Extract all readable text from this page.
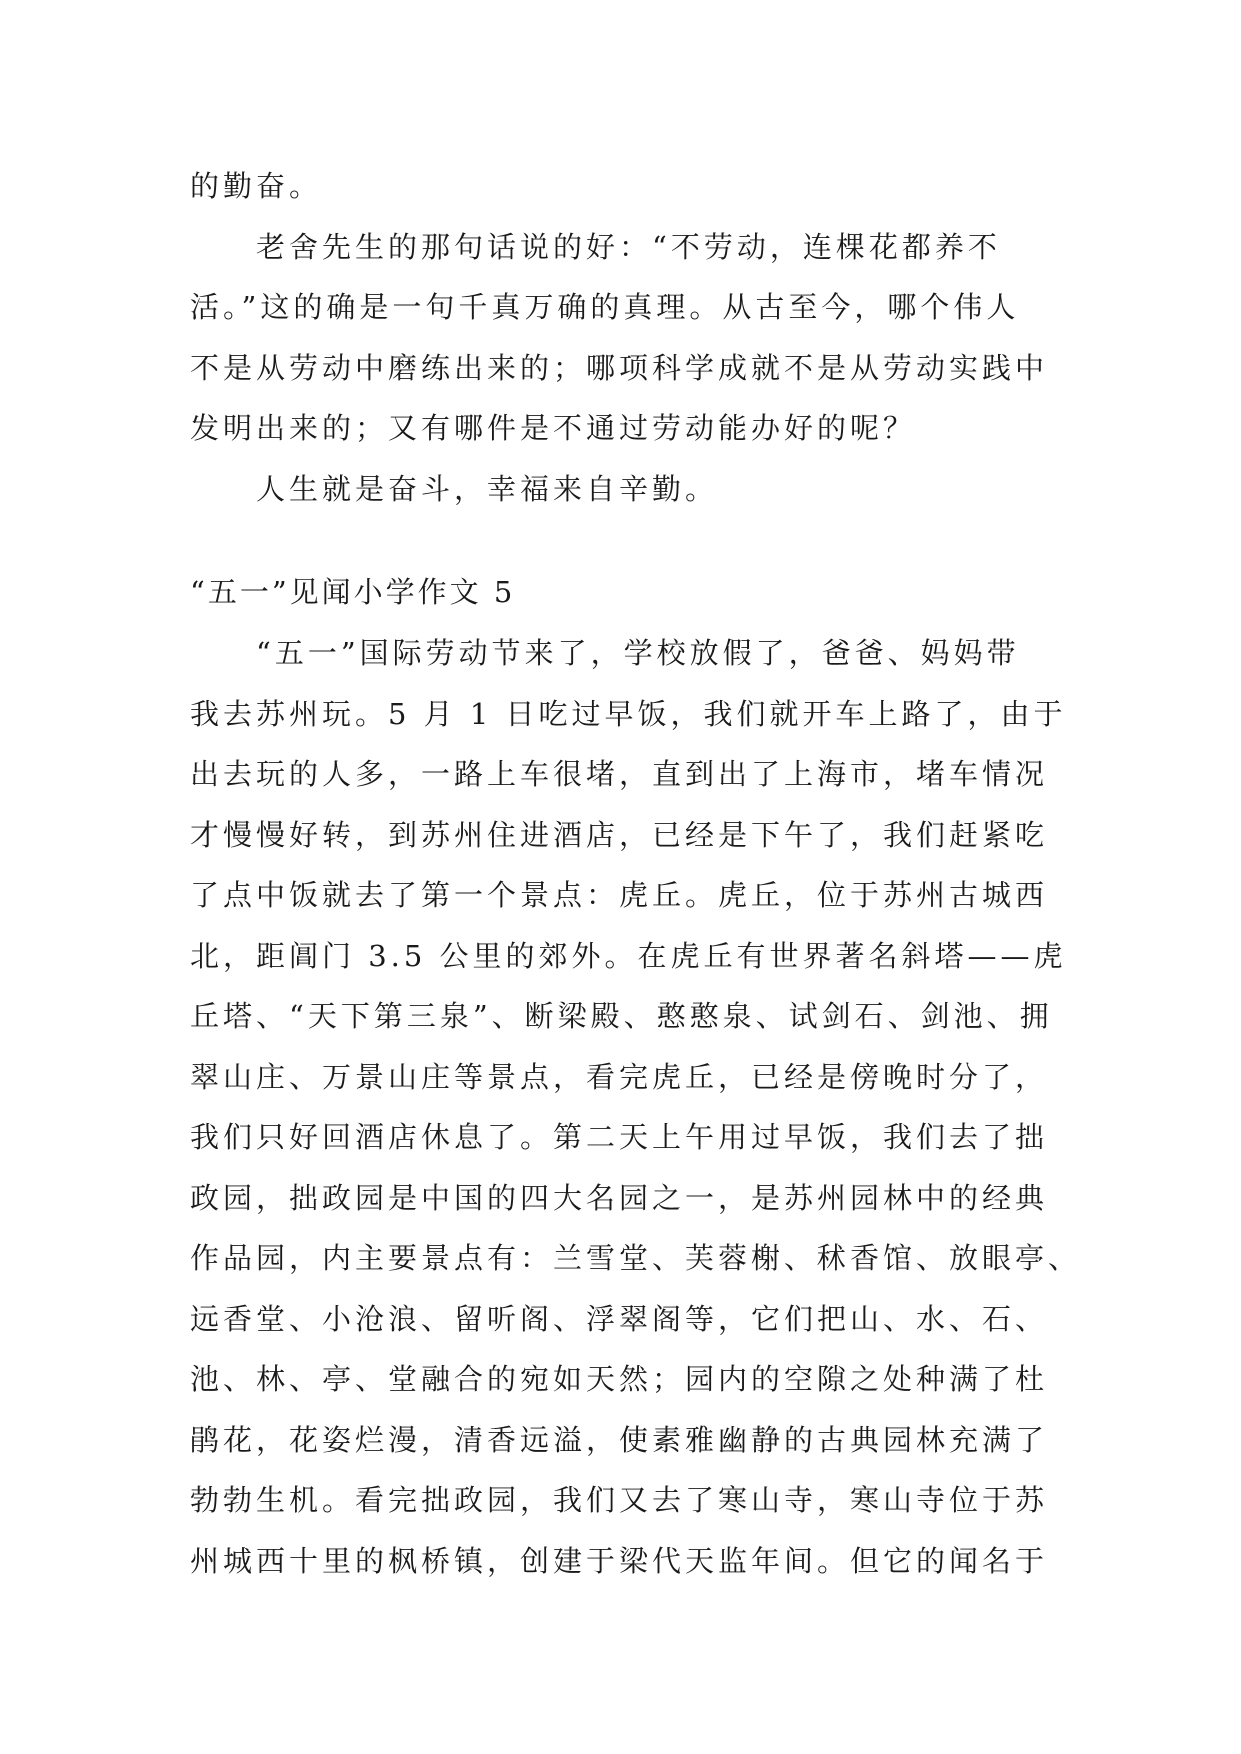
的勤奋。
老舍先生的那句话说的好：“不劳动，连棵花都养不
活。”这的确是一句千真万确的真理。从古至今，哪个伟人
不是从劳动中磨练出来的；哪项科学成就不是从劳动实践中
发明出来的；又有哪件是不通过劳动能办好的呢？
人生就是奋斗，幸福来自辛勤。
“五一”见闻小学作文 5
“五一”国际劳动节来了，学校放假了，爸爸、妈妈带
我去苏州玩。5 月 1 日吃过早饭，我们就开车上路了，由于
出去玩的人多，一路上车很堵，直到出了上海市，堵车情况
才慢慢好转，到苏州住进酒店，已经是下午了，我们赶紧吃
了点中饭就去了第一个景点：虎丘。虎丘，位于苏州古城西
北，距阊门 3.5 公里的郊外。在虎丘有世界著名斜塔——虎
丘塔、“天下第三泉”、断梁殿、憨憨泉、试剑石、剑池、拥
翠山庄、万景山庄等景点，看完虎丘，已经是傍晚时分了，
我们只好回酒店休息了。第二天上午用过早饭，我们去了拙
政园，拙政园是中国的四大名园之一，是苏州园林中的经典
作品园，内主要景点有：兰雪堂、芙蓉榭、秫香馆、放眼亭、
远香堂、小沧浪、留听阁、浮翠阁等，它们把山、水、石、
池、林、亭、堂融合的宛如天然；园内的空隙之处种满了杜
鹃花，花姿烂漫，清香远溢，使素雅幽静的古典园林充满了
勃勃生机。看完拙政园，我们又去了寒山寺，寒山寺位于苏
州城西十里的枫桥镇，创建于梁代天监年间。但它的闻名于
